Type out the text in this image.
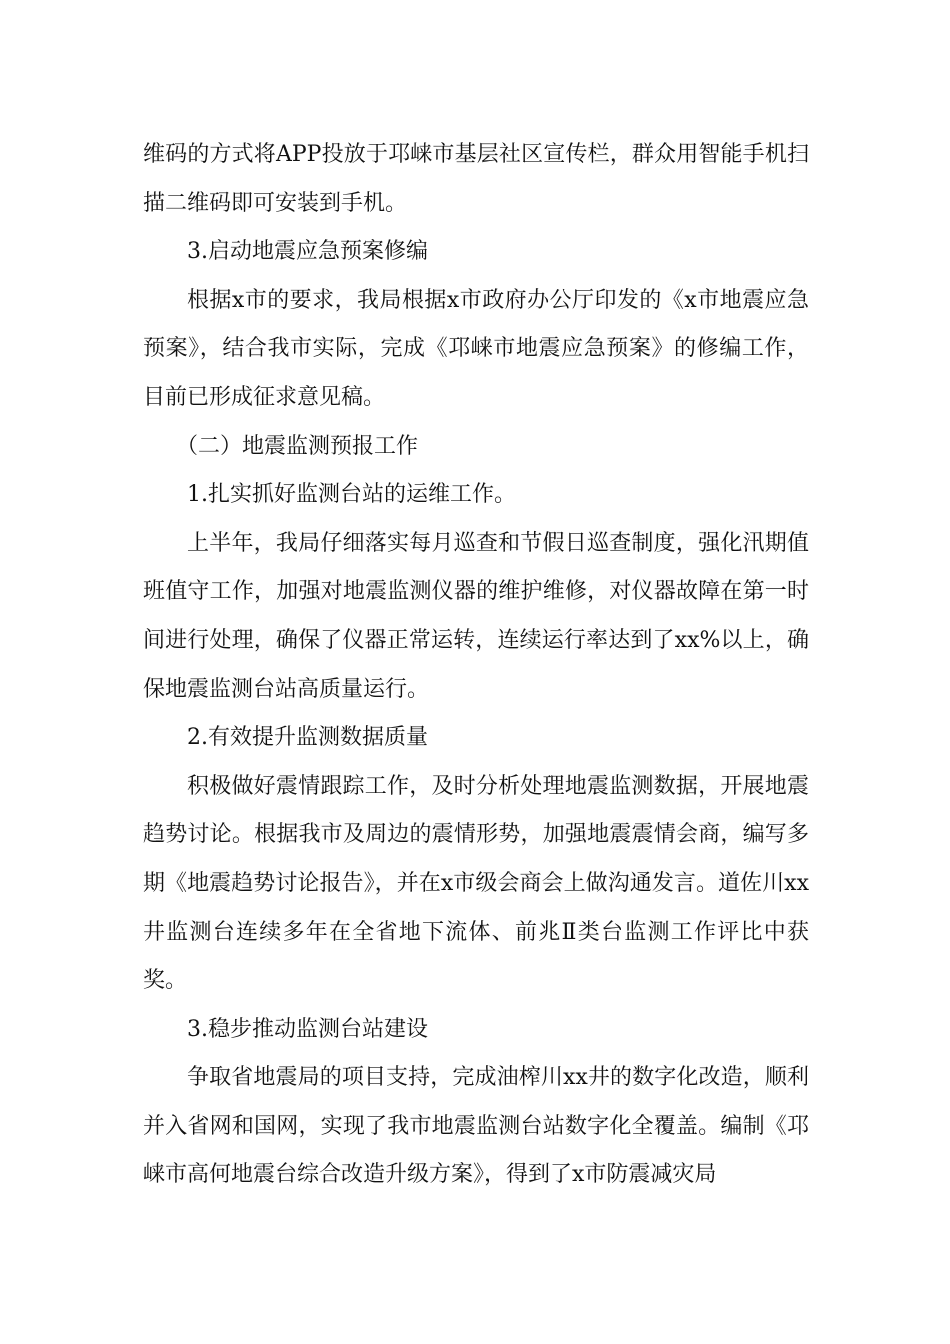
维码的方式将APP投放于邛崃市基层社区宣传栏，群众用智能手机扫描二维码即可安装到手机。

3.启动地震应急预案修编

根据x市的要求，我局根据x市政府办公厅印发的《x市地震应急预案》，结合我市实际，完成《邛崃市地震应急预案》的修编工作，目前已形成征求意见稿。

（二）地震监测预报工作

1.扎实抓好监测台站的运维工作。

上半年，我局仔细落实每月巡查和节假日巡查制度，强化汛期值班值守工作，加强对地震监测仪器的维护维修，对仪器故障在第一时间进行处理，确保了仪器正常运转，连续运行率达到了xx%以上，确保地震监测台站高质量运行。

2.有效提升监测数据质量

积极做好震情跟踪工作，及时分析处理地震监测数据，开展地震趋势讨论。根据我市及周边的震情形势，加强地震震情会商，编写多期《地震趋势讨论报告》，并在x市级会商会上做沟通发言。道佐川xx井监测台连续多年在全省地下流体、前兆Ⅱ类台监测工作评比中获奖。

3.稳步推动监测台站建设

争取省地震局的项目支持，完成油榨川xx井的数字化改造，顺利并入省网和国网，实现了我市地震监测台站数字化全覆盖。编制《邛崃市高何地震台综合改造升级方案》，得到了x市防震减灾局
